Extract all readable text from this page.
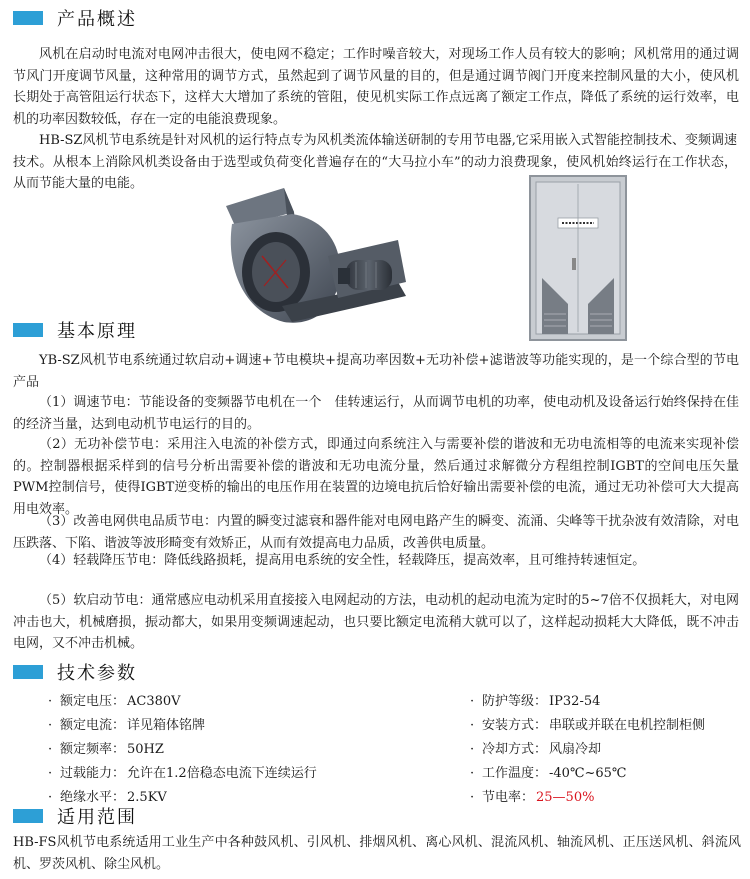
产品概述
风机在启动时电流对电网冲击很大，使电网不稳定；工作时噪音较大，对现场工作人员有较大的影响；风机常用的通过调节风门开度调节风量，这种常用的调节方式，虽然起到了调节风量的目的，但是通过调节阀门开度来控制风量的大小，使风机长期处于高管阻运行状态下，这样大大增加了系统的管阻，使见机实际工作点远离了额定工作点，降低了系统的运行效率，电机的功率因数较低，存在一定的电能浪费现象。
HB-SZ风机节电系统是针对风机的运行特点专为风机类流体输送研制的专用节电器,它采用嵌入式智能控制技术、变频调速技术。从根本上消除风机类设备由于选型或负荷变化普遍存在的“大马拉小车”的动力浪费现象，使风机始终运行在工作状态，从而节能大量的电能。
基本原理
YB-SZ风机节电系统通过软启动+调速+节电模块+提高功率因数+无功补偿+滤谐波等功能实现的，是一个综合型的节电产品
（1）调速节电：节能设备的变频器节电机在一个　佳转速运行，从而调节电机的功率，使电动机及设备运行始终保持在佳的经济当量，达到电动机节电运行的目的。
（2）无功补偿节电：采用注入电流的补偿方式，即通过向系统注入与需要补偿的谐波和无功电流相等的电流来实现补偿的。控制器根据采样到的信号分析出需要补偿的谐波和无功电流分量，然后通过求解微分方程组控制IGBT的空间电压矢量PWM控制信号，使得IGBT逆变桥的输出的电压作用在装置的边境电抗后恰好输出需要补偿的电流，通过无功补偿可大大提高用电效率。
（3）改善电网供电品质节电：内置的瞬变过滤衰和器件能对电网电路产生的瞬变、流涌、尖峰等干扰杂波有效清除，对电压跌落、下陷、谐波等波形畸变有效矫正，从而有效提高电力品质，改善供电质量。
（4）轻载降压节电：降低线路损耗，提高用电系统的安全性，轻载降压，提高效率，且可维持转速恒定。
（5）软启动节电：通常感应电动机采用直接接入电网起动的方法，电动机的起动电流为定时的5~7倍不仅损耗大，对电网冲击也大，机械磨损，振动都大，如果用变频调速起动，也只要比额定电流稍大就可以了，这样起动损耗大大降低，既不冲击电网，又不冲击机械。
技术参数
· 额定电压： AC380V
· 额定电流： 详见箱体铭牌
· 额定频率： 50HZ
· 过载能力： 允许在1.2倍稳态电流下连续运行
· 绝缘水平： 2.5KV
· 防护等级： IP32-54
· 安装方式： 串联或并联在电机控制柜侧
· 冷却方式： 风扇冷却
· 工作温度： -40℃~65℃
· 节电率： 25—50%
适用范围
HB-FS风机节电系统适用工业生产中各种鼓风机、引风机、排烟风机、离心风机、混流风机、轴流风机、正压送风机、斜流风机、罗茨风机、除尘风机。
